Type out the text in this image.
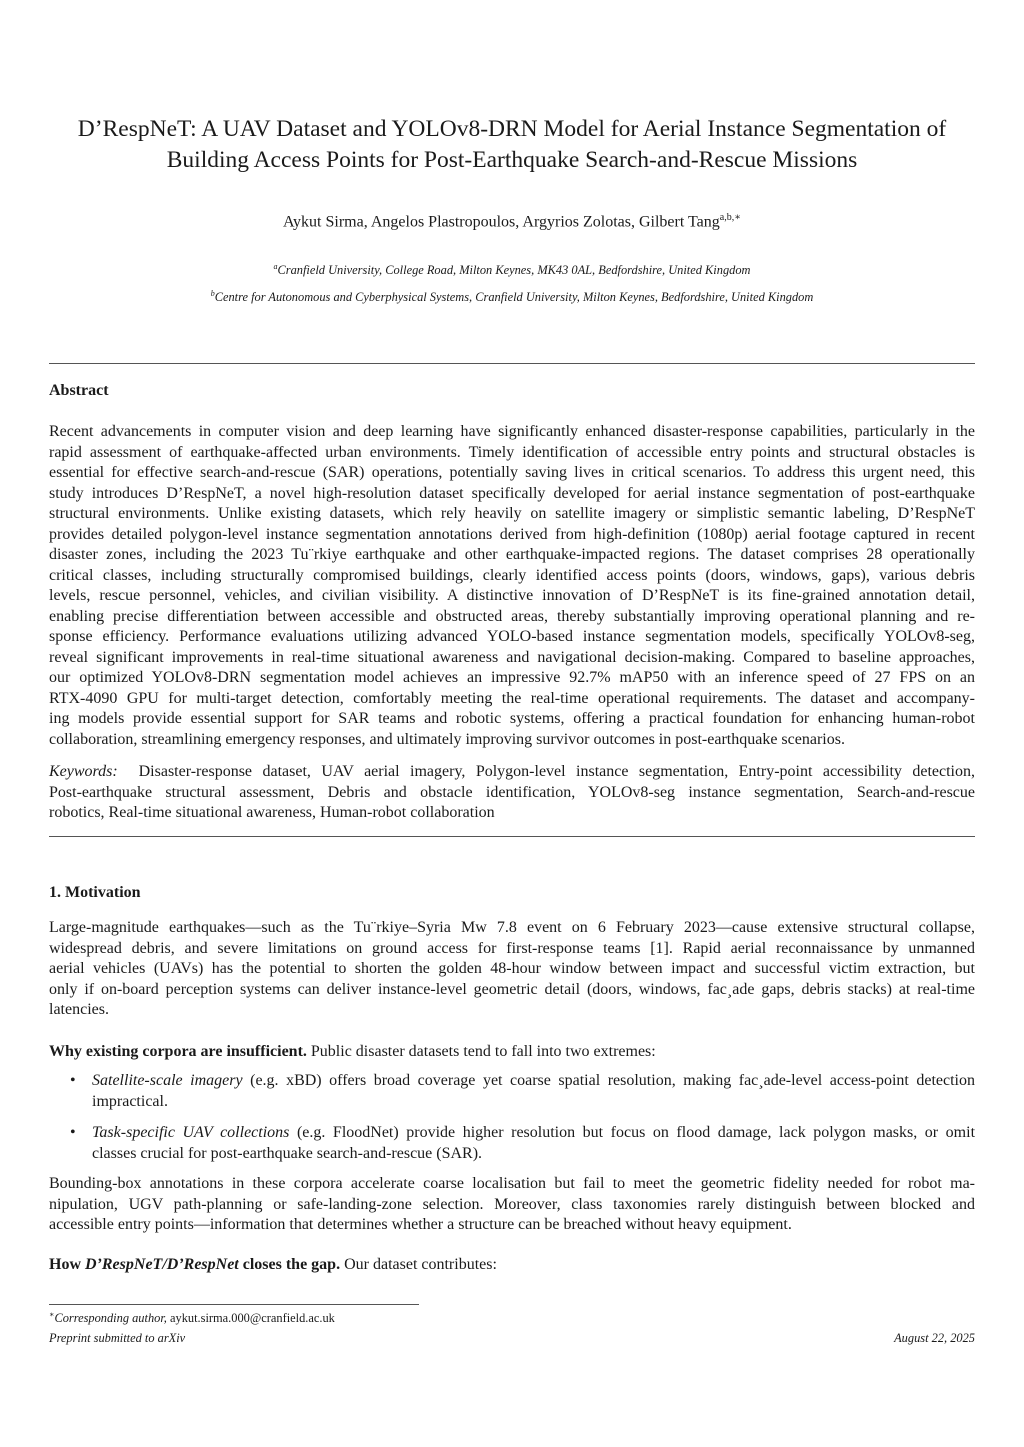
D’RespNeT: A UAV Dataset and YOLOv8-DRN Model for Aerial Instance Segmentation of
Building Access Points for Post-Earthquake Search-and-Rescue Missions
Aykut Sirma, Angelos Plastropoulos, Argyrios Zolotas, Gilbert Tang$^{a,b,∗}$
$^a$Cranfield University, College Road, Milton Keynes, MK43 0AL, Bedfordshire, United Kingdom
$^b$Centre for Autonomous and Cyberphysical Systems, Cranfield University, Milton Keynes, Bedfordshire, United Kingdom
Abstract
Recent advancements in computer vision and deep learning have significantly enhanced disaster-response capabilities, particularly in the
rapid assessment of earthquake-affected urban environments. Timely identification of accessible entry points and structural obstacles is
essential for effective search-and-rescue (SAR) operations, potentially saving lives in critical scenarios. To address this urgent need, this
study introduces D’RespNeT, a novel high-resolution dataset specifically developed for aerial instance segmentation of post-earthquake
structural environments. Unlike existing datasets, which rely heavily on satellite imagery or simplistic semantic labeling, D’RespNeT
provides detailed polygon-level instance segmentation annotations derived from high-definition (1080p) aerial footage captured in recent
disaster zones, including the 2023 Tu¨rkiye earthquake and other earthquake-impacted regions. The dataset comprises 28 operationally
critical classes, including structurally compromised buildings, clearly identified access points (doors, windows, gaps), various debris
levels, rescue personnel, vehicles, and civilian visibility. A distinctive innovation of D’RespNeT is its fine-grained annotation detail,
enabling precise differentiation between accessible and obstructed areas, thereby substantially improving operational planning and re-
sponse efficiency. Performance evaluations utilizing advanced YOLO-based instance segmentation models, specifically YOLOv8-seg,
reveal significant improvements in real-time situational awareness and navigational decision-making. Compared to baseline approaches,
our optimized YOLOv8-DRN segmentation model achieves an impressive 92.7% mAP50 with an inference speed of 27 FPS on an
RTX-4090 GPU for multi-target detection, comfortably meeting the real-time operational requirements. The dataset and accompany-
ing models provide essential support for SAR teams and robotic systems, offering a practical foundation for enhancing human-robot
collaboration, streamlining emergency responses, and ultimately improving survivor outcomes in post-earthquake scenarios.
Keywords: Disaster-response dataset, UAV aerial imagery, Polygon-level instance segmentation, Entry-point accessibility detection,
Post-earthquake structural assessment, Debris and obstacle identification, YOLOv8-seg instance segmentation, Search-and-rescue
robotics, Real-time situational awareness, Human-robot collaboration
1. Motivation
Large-magnitude earthquakes—such as the Tu¨rkiye–Syria Mw 7.8 event on 6 February 2023—cause extensive structural collapse,
widespread debris, and severe limitations on ground access for first-response teams [1]. Rapid aerial reconnaissance by unmanned
aerial vehicles (UAVs) has the potential to shorten the golden 48-hour window between impact and successful victim extraction, but
only if on-board perception systems can deliver instance-level geometric detail (doors, windows, fac¸ade gaps, debris stacks) at real-time
latencies.
Why existing corpora are insufficient. Public disaster datasets tend to fall into two extremes:
• Satellite-scale imagery (e.g. xBD) offers broad coverage yet coarse spatial resolution, making fac¸ade-level access-point detection
impractical.
• Task-specific UAV collections (e.g. FloodNet) provide higher resolution but focus on flood damage, lack polygon masks, or omit
classes crucial for post-earthquake search-and-rescue (SAR).
Bounding-box annotations in these corpora accelerate coarse localisation but fail to meet the geometric fidelity needed for robot ma-
nipulation, UGV path-planning or safe-landing-zone selection. Moreover, class taxonomies rarely distinguish between blocked and
accessible entry points—information that determines whether a structure can be breached without heavy equipment.
How D’RespNeT/D’RespNet closes the gap. Our dataset contributes:
∗Corresponding author, aykut.sirma.000@cranfield.ac.uk
Preprint submitted to arXiv	August 22, 2025
